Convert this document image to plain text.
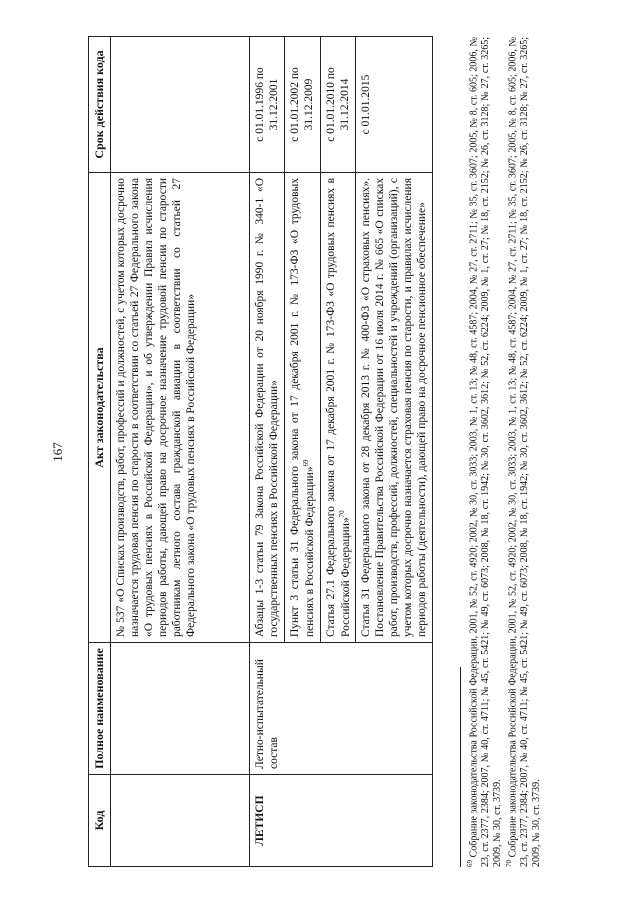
167
Код	Полное наименование	Акт законодательства	Срок действия кода
		№ 537 «О Списках производств, работ, профессий и должностей, с учетом которых досрочно назначается трудовая пенсия по старости в соответствии со статьей 27 Федерального закона «О трудовых пенсиях в Российской Федерации», и об утверждении Правил исчисления периодов работы, дающей право на досрочное назначение трудовой пенсии по старости работникам летного состава гражданской авиации в соответствии со статьей 27 Федерального закона «О трудовых пенсиях в Российской Федерации»	
ЛЕТИСП	Летно-испытательный состав	Абзацы 1-3 статьи 79 Закона Российской Федерации от 20 ноября 1990 г. № 340-1 «О государственных пенсиях в Российской Федерации»	с 01.01.1996 по 31.12.2001
		Пункт 3 статьи 31 Федерального закона от 17 декабря 2001 г. № 173-ФЗ «О трудовых пенсиях в Российской Федерации»$^{69}$	с 01.01.2002 по 31.12.2009
		Статья 27.1 Федерального закона от 17 декабря 2001 г. № 173-ФЗ «О трудовых пенсиях в Российской Федерации»$^{70}$	с 01.01.2010 по 31.12.2014
		Статья 31 Федерального закона от 28 декабря 2013 г. № 400-ФЗ «О страховых пенсиях». Постановление Правительства Российской Федерации от 16 июля 2014 г. № 665 «О списках работ, производств, профессий, должностей, специальностей и учреждений (организаций), с учетом которых досрочно назначается страховая пенсия по старости, и правилах исчисления периодов работы (деятельности), дающей право на досрочное пенсионное обеспечение»	с 01.01.2015

$^{69}$ Собрание законодательства Российской Федерации, 2001, № 52, ст. 4920; 2002, № 30, ст. 3033; 2003, № 1, ст. 13; № 48, ст. 4587; 2004, № 27, ст. 2711; № 35, ст. 3607; 2005, № 8, ст. 605; 2006, № 23, ст. 2377, 2384; 2007, № 40, ст. 4711; № 45, ст. 5421; № 49, ст. 6073; 2008, № 18, ст. 1942; № 30, ст. 3602, 3612; № 52, ст. 6224; 2009, № 1, ст. 27; № 18, ст. 2152; № 26, ст. 3128; № 27, ст. 3265; 2009, № 30, ст. 3739. $^{70}$ Собрание законодательства Российской Федерации, 2001, № 52, ст. 4920; 2002, № 30, ст. 3033; 2003, № 1, ст. 13; № 48, ст. 4587; 2004, № 27, ст. 2711; № 35, ст. 3607; 2005, № 8, ст. 605; 2006, № 23, ст. 2377, 2384; 2007, № 40, ст. 4711; № 45, ст. 5421; № 49, ст. 6073; 2008, № 18, ст. 1942; № 30, ст. 3602, 3612; № 52, ст. 6224; 2009, № 1, ст. 27; № 18, ст. 2152; № 26, ст. 3128; № 27, ст. 3265; 2009, № 30, ст. 3739.
